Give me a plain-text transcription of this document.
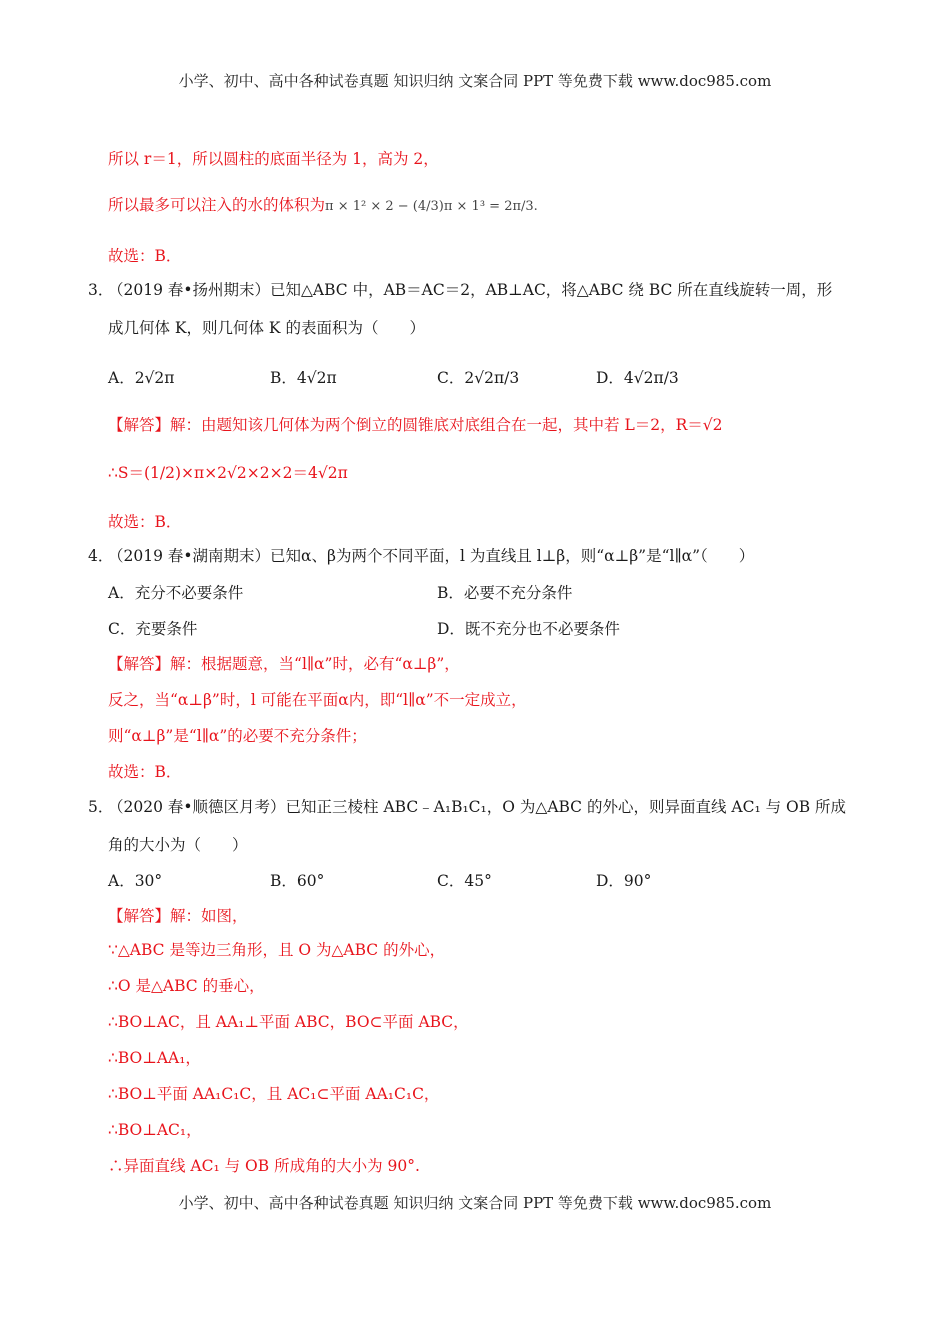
小学、初中、高中各种试卷真题 知识归纳 文案合同 PPT 等免费下载 www.doc985.com
所以 r＝1，所以圆柱的底面半径为 1，高为 2，
所以最多可以注入的水的体积为π × 1² × 2 − (4/3)π × 1³ = 2π/3.
故选：B．
3．
（2019 春•扬州期末）已知△ABC 中，AB＝AC＝2，AB⊥AC，将△ABC 绕 BC 所在直线旋转一周，形
成几何体 K，则几何体 K 的表面积为（　　）
A．2√2π	B．4√2π	C．2√2π/3	D．4√2π/3
【解答】解：由题知该几何体为两个倒立的圆锥底对底组合在一起，其中若 L＝2，R＝√2
∴S＝(1/2)×π×2√2×2×2＝4√2π
故选：B．
4．
（2019 春•湖南期末）已知α、β为两个不同平面，l 为直线且 l⊥β，则“α⊥β”是“l∥α”（　　）
A．充分不必要条件	B．必要不充分条件
C．充要条件	D．既不充分也不必要条件
【解答】解：根据题意，当“l∥α”时，必有“α⊥β”，
反之，当“α⊥β”时，l 可能在平面α内，即“l∥α”不一定成立，
则“α⊥β”是“l∥α”的必要不充分条件；
故选：B．
5．
（2020 春•顺德区月考）已知正三棱柱 ABC﹣A₁B₁C₁，O 为△ABC 的外心，则异面直线 AC₁ 与 OB 所成
角的大小为（　　）
A．30°	B．60°	C．45°	D．90°
【解答】解：如图，
∵△ABC 是等边三角形，且 O 为△ABC 的外心，
∴O 是△ABC 的垂心，
∴BO⊥AC，且 AA₁⊥平面 ABC，BO⊂平面 ABC，
∴BO⊥AA₁，
∴BO⊥平面 AA₁C₁C，且 AC₁⊂平面 AA₁C₁C，
∴BO⊥AC₁，
∴异面直线 AC₁ 与 OB 所成角的大小为 90°.
小学、初中、高中各种试卷真题 知识归纳 文案合同 PPT 等免费下载 www.doc985.com
